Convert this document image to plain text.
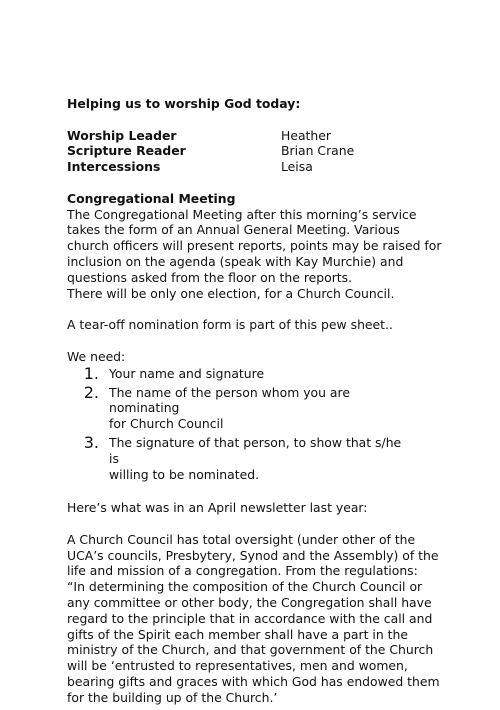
Helping us to worship God today:
Worship Leader	Heather
Scripture Reader	Brian Crane
Intercessions	Leisa
Congregational Meeting

The Congregational Meeting after this morning’s service
takes the form of an Annual General Meeting. Various
church officers will present reports, points may be raised for
inclusion on the agenda (speak with Kay Murchie) and
questions asked from the floor on the reports.
There will be only one election, for a Church Council.

A tear-off nomination form is part of this pew sheet..

We need:

1. Your name and signature
2. The name of the person whom you are nominating
for Church Council
3. The signature of that person, to show that s/he is
willing to be nominated.

Here’s what was in an April newsletter last year:

A Church Council has total oversight (under other of the
UCA’s councils, Presbytery, Synod and the Assembly) of the
life and mission of a congregation. From the regulations:
“In determining the composition of the Church Council or
any committee or other body, the Congregation shall have
regard to the principle that in accordance with the call and
gifts of the Spirit each member shall have a part in the
ministry of the Church, and that government of the Church
will be ‘entrusted to representatives, men and women,
bearing gifts and graces with which God has endowed them
for the building up of the Church.’
